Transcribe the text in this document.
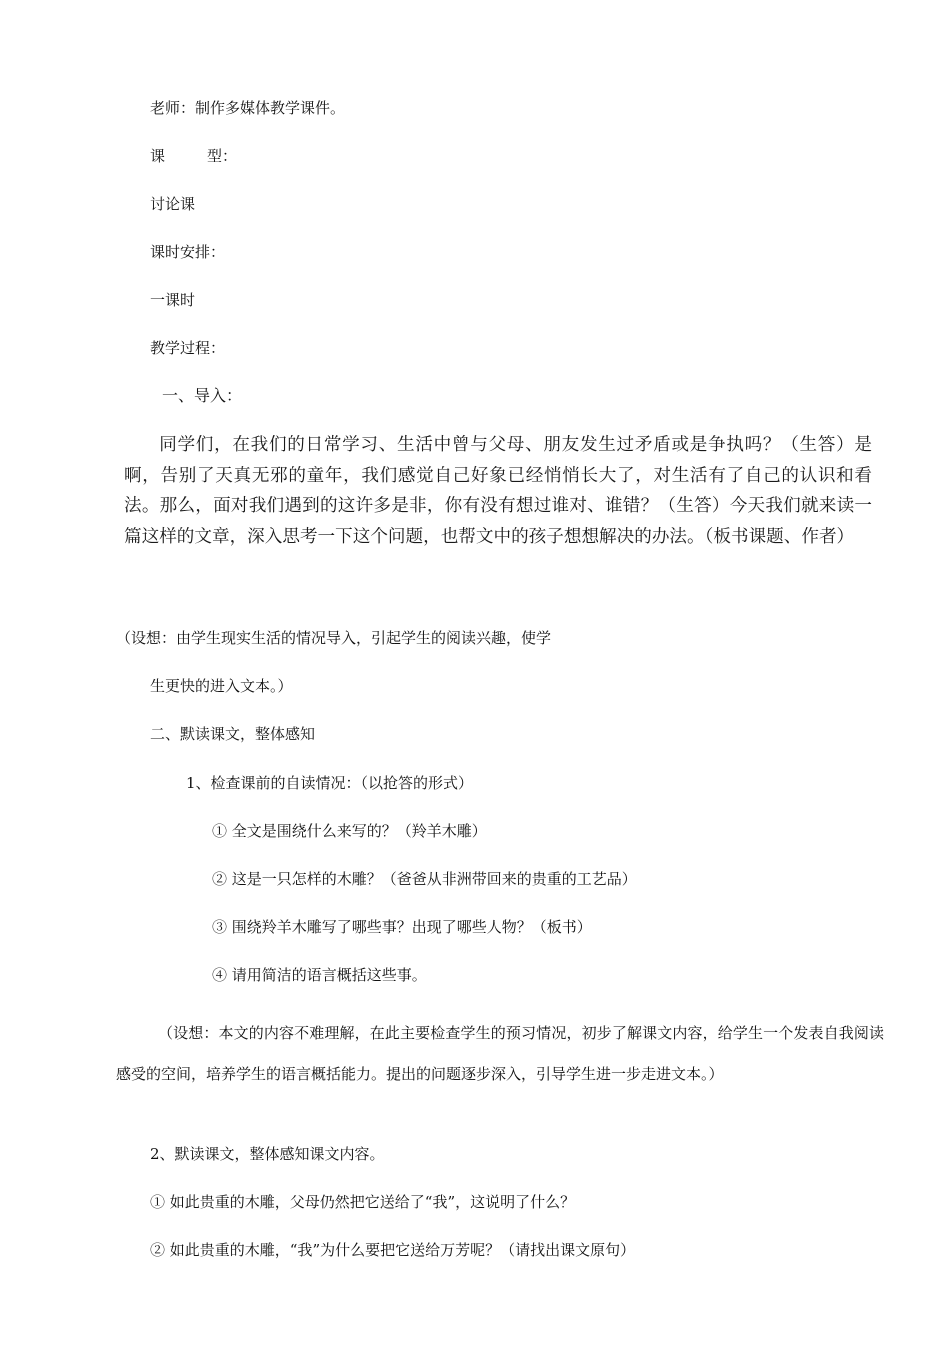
老师：制作多媒体教学课件。
课	型：
讨论课
课时安排：
一课时
教学过程：
一、导入：
同学们，在我们的日常学习、生活中曾与父母、朋友发生过矛盾或是争执吗？（生答）是啊，告别了天真无邪的童年，我们感觉自己好象已经悄悄长大了，对生活有了自己的认识和看法。那么，面对我们遇到的这许多是非，你有没有想过谁对、谁错？（生答）今天我们就来读一篇这样的文章，深入思考一下这个问题，也帮文中的孩子想想解决的办法。（板书课题、作者）
（设想：由学生现实生活的情况导入，引起学生的阅读兴趣，使学
生更快的进入文本。）
二、默读课文，整体感知
1、检查课前的自读情况：（以抢答的形式）
① 全文是围绕什么来写的？（羚羊木雕）
② 这是一只怎样的木雕？（爸爸从非洲带回来的贵重的工艺品）
③ 围绕羚羊木雕写了哪些事？出现了哪些人物？（板书）
④ 请用简洁的语言概括这些事。
（设想：本文的内容不难理解，在此主要检查学生的预习情况，初步了解课文内容，给学生一个发表自我阅读感受的空间，培养学生的语言概括能力。提出的问题逐步深入，引导学生进一步走进文本。）
2、默读课文，整体感知课文内容。
① 如此贵重的木雕，父母仍然把它送给了“我”，这说明了什么？
② 如此贵重的木雕，“我”为什么要把它送给万芳呢？（请找出课文原句）
